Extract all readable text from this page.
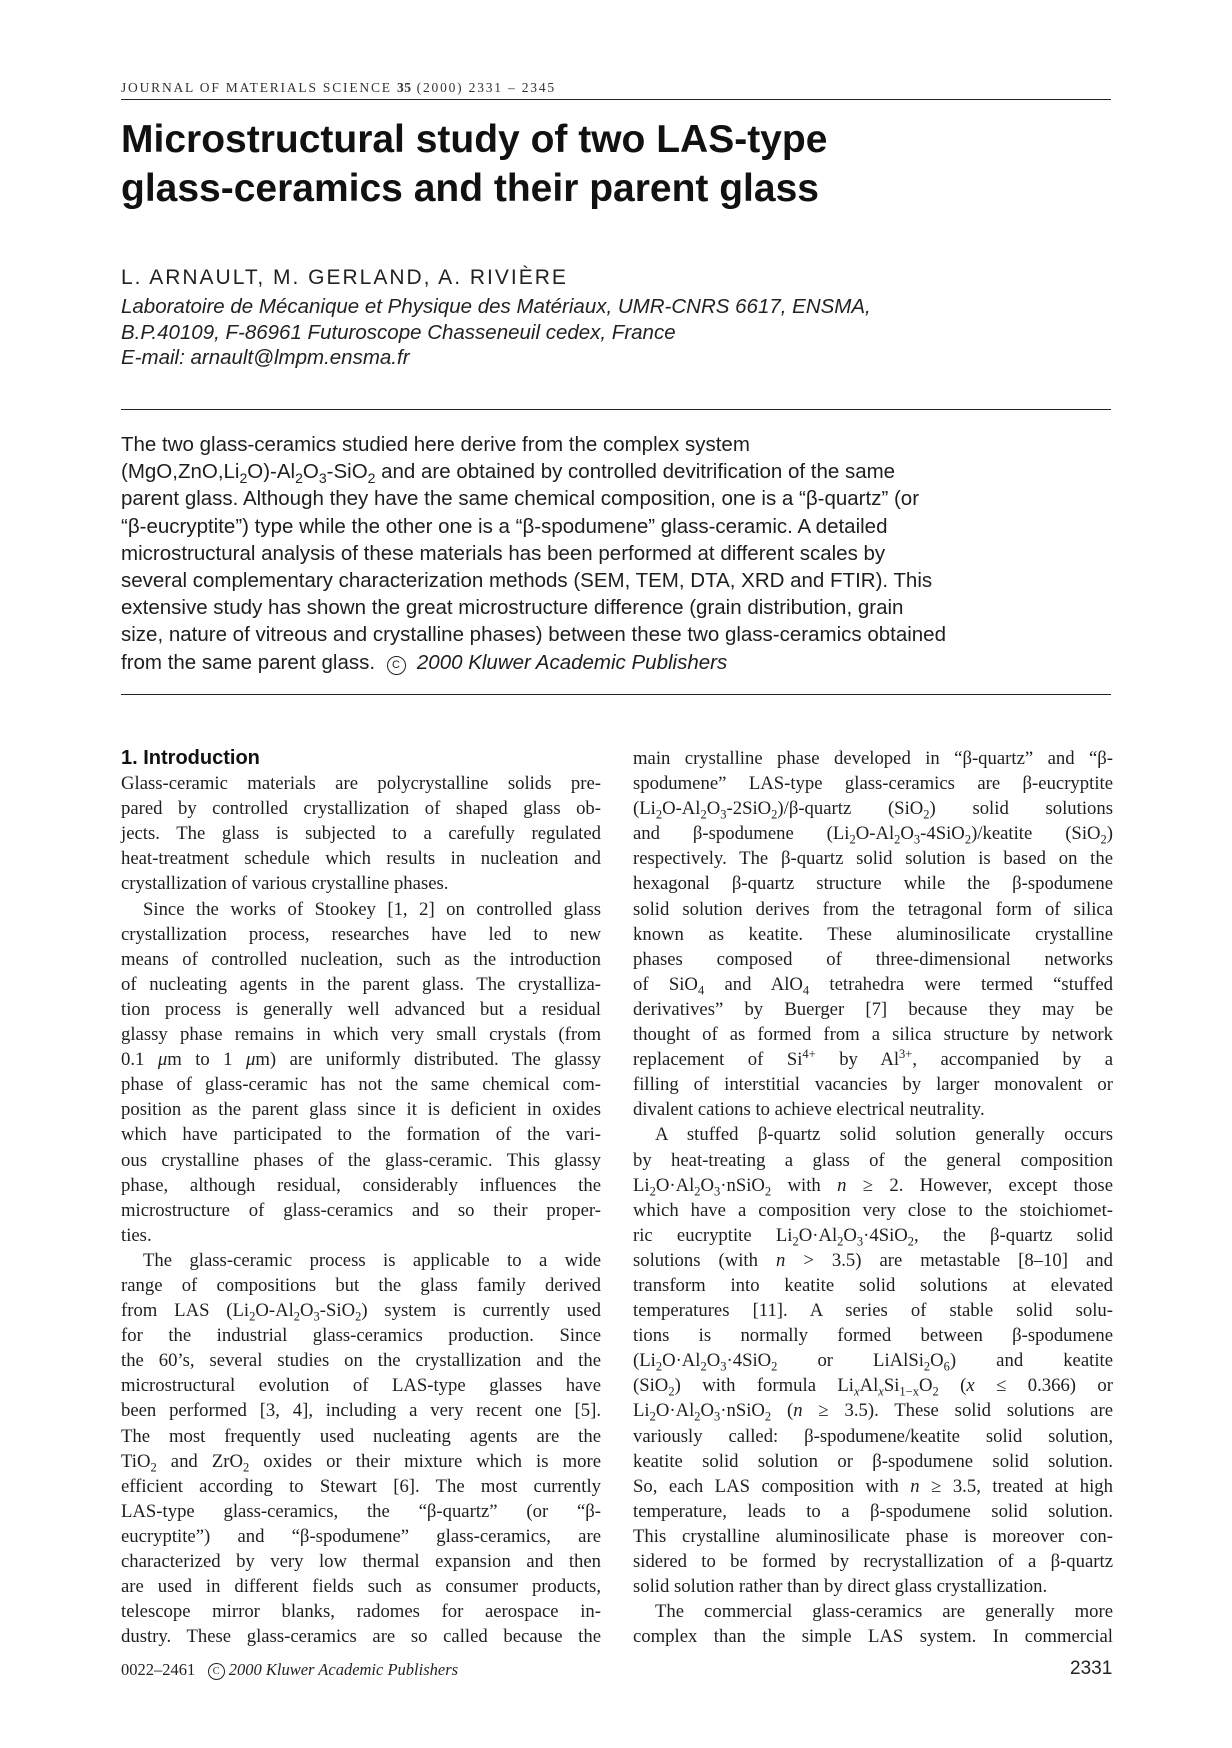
JOURNAL OF MATERIALS SCIENCE 35 (2000) 2331 – 2345
Microstructural study of two LAS-type
glass-ceramics and their parent glass
L. ARNAULT, M. GERLAND, A. RIVIÈRE
Laboratoire de Mécanique et Physique des Matériaux, UMR-CNRS 6617, ENSMA,
B.P.40109, F-86961 Futuroscope Chasseneuil cedex, France
E-mail: arnault@lmpm.ensma.fr
The two glass-ceramics studied here derive from the complex system
$(MgO,ZnO,Li_2O)-Al_2O_3-SiO_2$ and are obtained by controlled devitrification of the same
parent glass. Although they have the same chemical composition, one is a “β-quartz” (or
“β-eucryptite”) type while the other one is a “β-spodumene” glass-ceramic. A detailed
microstructural analysis of these materials has been performed at different scales by
several complementary characterization methods (SEM, TEM, DTA, XRD and FTIR). This
extensive study has shown the great microstructure difference (grain distribution, grain
size, nature of vitreous and crystalline phases) between these two glass-ceramics obtained
from the same parent glass. C 2000 Kluwer Academic Publishers
1. Introduction
Glass-ceramic materials are polycrystalline solids pre-
pared by controlled crystallization of shaped glass ob-
jects. The glass is subjected to a carefully regulated
heat-treatment schedule which results in nucleation and
crystallization of various crystalline phases.
Since the works of Stookey [1, 2] on controlled glass
crystallization process, researches have led to new
means of controlled nucleation, such as the introduction
of nucleating agents in the parent glass. The crystalliza-
tion process is generally well advanced but a residual
glassy phase remains in which very small crystals (from
0.1 μm to 1 μm) are uniformly distributed. The glassy
phase of glass-ceramic has not the same chemical com-
position as the parent glass since it is deficient in oxides
which have participated to the formation of the vari-
ous crystalline phases of the glass-ceramic. This glassy
phase, although residual, considerably influences the
microstructure of glass-ceramics and so their proper-
ties.
The glass-ceramic process is applicable to a wide
range of compositions but the glass family derived
from LAS $(Li_2O-Al_2O_3-SiO_2)$ system is currently used
for the industrial glass-ceramics production. Since
the 60’s, several studies on the crystallization and the
microstructural evolution of LAS-type glasses have
been performed [3, 4], including a very recent one [5].
The most frequently used nucleating agents are the
TiO$_2$ and ZrO$_2$ oxides or their mixture which is more
efficient according to Stewart [6]. The most currently
LAS-type glass-ceramics, the “β-quartz” (or “β-
eucryptite”) and “β-spodumene” glass-ceramics, are
characterized by very low thermal expansion and then
are used in different fields such as consumer products,
telescope mirror blanks, radomes for aerospace in-
dustry. These glass-ceramics are so called because the
main crystalline phase developed in “β-quartz” and “β-
spodumene” LAS-type glass-ceramics are β-eucryptite
$(Li_2O-Al_2O_3-2SiO_2)/\beta$-quartz (SiO$_2$) solid solutions
and β-spodumene $(Li_2O-Al_2O_3-4SiO_2)$/keatite (SiO$_2$)
respectively. The β-quartz solid solution is based on the
hexagonal β-quartz structure while the β-spodumene
solid solution derives from the tetragonal form of silica
known as keatite. These aluminosilicate crystalline
phases composed of three-dimensional networks
of SiO$_4$ and AlO$_4$ tetrahedra were termed “stuffed
derivatives” by Buerger [7] because they may be
thought of as formed from a silica structure by network
replacement of $Si^{4+}$ by $Al^{3+}$, accompanied by a
filling of interstitial vacancies by larger monovalent or
divalent cations to achieve electrical neutrality.
A stuffed β-quartz solid solution generally occurs
by heat-treating a glass of the general composition
$Li_2O\cdot Al_2O_3\cdot nSiO_2$ with n ≥ 2. However, except those
which have a composition very close to the stoichiomet-
ric eucryptite $Li_2O\cdot Al_2O_3\cdot 4SiO_2$, the β-quartz solid
solutions (with n > 3.5) are metastable [8–10] and
transform into keatite solid solutions at elevated
temperatures [11]. A series of stable solid solu-
tions is normally formed between β-spodumene
($Li_2O\cdot Al_2O_3\cdot 4SiO_2$ or $LiAlSi_2O_6$) and keatite
(SiO$_2$) with formula $Li_xAl_xSi_{1-x}O_2$ (x ≤ 0.366) or
$Li_2O\cdot Al_2O_3\cdot nSiO_2$ (n ≥ 3.5). These solid solutions are
variously called: β-spodumene/keatite solid solution,
keatite solid solution or β-spodumene solid solution.
So, each LAS composition with n ≥ 3.5, treated at high
temperature, leads to a β-spodumene solid solution.
This crystalline aluminosilicate phase is moreover con-
sidered to be formed by recrystallization of a β-quartz
solid solution rather than by direct glass crystallization.
The commercial glass-ceramics are generally more
complex than the simple LAS system. In commercial
0022–2461 C 2000 Kluwer Academic Publishers	2331
